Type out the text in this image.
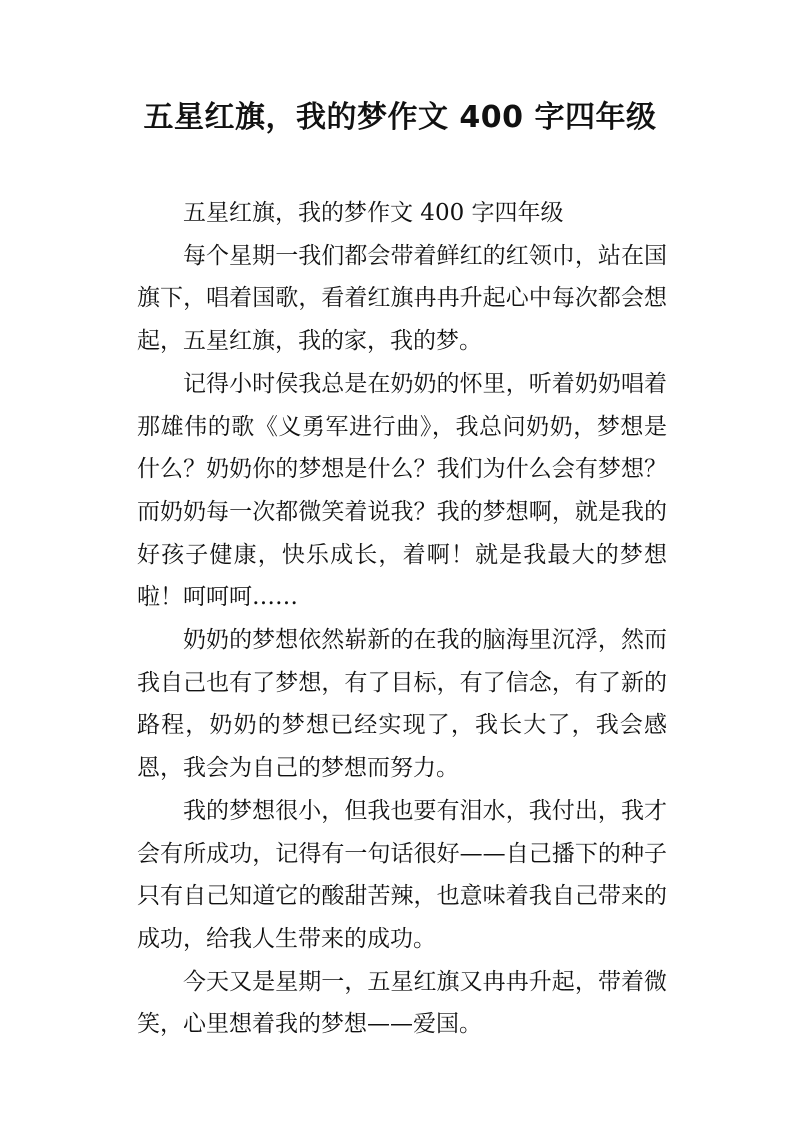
五星红旗，我的梦作文 400 字四年级

五星红旗，我的梦作文 400 字四年级

每个星期一我们都会带着鲜红的红领巾，站在国旗下，唱着国歌，看着红旗冉冉升起心中每次都会想起，五星红旗，我的家，我的梦。

记得小时侯我总是在奶奶的怀里，听着奶奶唱着那雄伟的歌《义勇军进行曲》，我总问奶奶，梦想是什么？奶奶你的梦想是什么？我们为什么会有梦想？而奶奶每一次都微笑着说我？我的梦想啊，就是我的好孩子健康，快乐成长，着啊！就是我最大的梦想啦！呵呵呵……

奶奶的梦想依然崭新的在我的脑海里沉浮，然而我自己也有了梦想，有了目标，有了信念，有了新的路程，奶奶的梦想已经实现了，我长大了，我会感恩，我会为自己的梦想而努力。

我的梦想很小，但我也要有泪水，我付出，我才会有所成功，记得有一句话很好——自己播下的种子只有自己知道它的酸甜苦辣，也意味着我自己带来的成功，给我人生带来的成功。

今天又是星期一，五星红旗又冉冉升起，带着微笑，心里想着我的梦想——爱国。
